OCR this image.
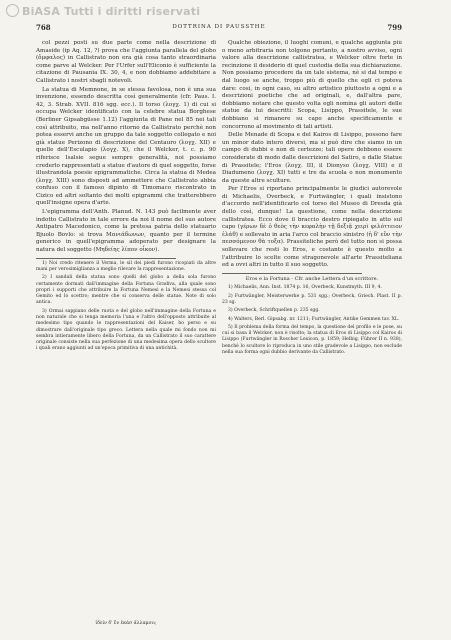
BiASA Tutti i diritti riservati
768	DOTTRINA DI PAUSSTHE	799

col pezzi posti su due parte come nella descrizione di Amaside (ip Aq. 12, ?) prova che l'aggiunta parallela del globo (ὄμφαλος) in Callistrato non era già cosa tanto straordinaria come parve al Welcker. Per l'Urfer sull'Eliconio è sufficiente la citazione di Pausania IX. 30, 4, e non dobbiamo addebitare a Callistrato i nostri sbagli notevoli.

La statua di Memnone, in se stessa favolosa, non è una sua invenzione, essendo descritta così generalmente (cfr. Paus. I. 42, 3. Strab. XVII. 816 sgg. ecc.). Il torso (λογχ. 1) di cui si occupa Welcker identificato con la celebre statua Borghese (Berliner Gipsabgüsse 1.12) l'aggiunta di Pane nel 85 nei tali così attribuito, ma nell'anno ritorno da Callistrato perchè non potea esservi anche un gruppo da tale soggetto collegato e noi già statue Perizono di descrizione del Centauro (λογχ. XII) e quelle dell'Esculapio (λογχ. X), che il Welcker, t. c. p. 90 riferisce Isalsie segue sempre generalità, noi possiamo crederlo rappresentati a statue d'autore di quel soggetto, forse illustrandola poesie epigrammatiche. Circa la statua di Medea (λογχ. XIII) sono disposti ad ammettere che Callistrato abbia confuso con il famoso dipinto di Timomaco riscontrato in Cizico ed altri soltanto dei molti epigrammi che tratterebbero quell'insigne opera d'arte.

L'epigramma dell'Anth. Planud. N. 143 può facilmente aver indotto Callistrato in tale errore da noi il nome del suo autore Antipatro Macedonico, come la pretesa patria dello statuario Bjuolo Bovlo: si trova Mανιάδωνων, quanto per il termine generico in quell'epigramma adoperato per designare la natura del soggetto (Μηδείης λίπον οἶκον).

1) Noi credo ritenere il Verma, le sil dei piedi furono ricopiati da altre mani per verosimiglianza a meglio rilevare la rappresentazione.

2) I sandali della statua sono quelli del globo a della sola furono certamente dormati dall'immagine della Fortuna Gradiva, alla quale sono propri i supporti che attribuire la Fortuna Nemesi e la Nemesi stessa col Gemito ed lo scettro; mentre che si conserva delle statue. Note di solo antica.

3) Ormai sappiano delle ruota e del globo nell'immagine della Fortuna e non naturale che si tenga memoria l'una e l'altro dell'opposto attribuite al medesimo tipo quando le rappresentazioni del Kaiser, ho perso e su dimostrare dall'originale tipo greco. Lettera nella quale mi fondo non mi sembra intieramente libero della Fortuna, da un Callistrato il suo carattere originale consiste nella sua perfezione di una medesima opera dello scultore i quali erano aggiunti ad un'epoca primitiva di una antichità.

ἰδείν δ' ἔν ἑκάσ ἀλλαμοιι;

Qualche obiezione, il luoghi comuni, e qualche aggiunta più o meno arbitraria non tolgono pertanto, a nostro avviso, ogni valore alla descrizione callistratea, e Welcker oltre forte in recinzione il desiderio di quel custodia della sua dichiarazione. Non possiamo procedere da un tale sistema, nè si dal tempo e dal luogo se anche, troppo più di quello che egli ci poteva dare: cosi, in ogni caso, su altro artistico piuttosto a ogni e a descrizioni poetiche che ad originali, e, dall'altra pare, dobbiamo notare che questo volta egli nomina gli autori delle statue da lui descritti: Scopa, Lisippo, Prassitele, le sue dobbiano si rimanere su capo anche specificamente e concorrono al movimento di tali artisti.

Delle Menade di Scopa e del Kairos di Lisippo, possono fare un minor dato intero diversi, ma si può dire che siamo in un campo di dubbi e non di certezze; tali opere debbono essere considerate di modo dalle descrizioni del Satiro, e dalle Statue di Prassitele; l'Eros (λογχ. III, il Dionyso (λογχ. VIII) e il Diadumeno (λογχ. XI) tutti e tre da scuola o non monumento da queste altre sculture.

Per l'Eros si riportano principalmente le giudici autorevole di Michaelis, Overbeck, e Furtwängler, i quali insistono d'accordo nell'identificarlo col torso del Museo di Dresda già dello così, dunque! La questione, come nella descrizione callistratea. Ecco dove il braccio destro ripiegato in atto sul capo (γέρων δὲ ὁ θεὸς τὴν κεφαλὴν τῇ δεξιᾷ χειρὶ φιλόττειον ἐλάθ) e sollevato in aria l'arco col braccio sinistro (ἡ δ' εὔν τὴν πεσσόμενον θὰ τοξα). Prassiteliche però del tutto non si possa sollevare che resti lo Eros, e costante è questo molto a l'attribuire lo scelte come stragonevole all'arte Prassiteliana ed a ovvi altri in tutto il suo soggetto.

Eros e la Fortuna - Cfr. anche Lettera d'un scrittore.

1) Michaelis, Ann. Inst. 1874 p. 16, Overbeck, Kunstmyth. III 9, 4.

2) Furtwängler, Meisterwerke p. 531 sgg.; Overbeck, Griech. Plast. II p. 23 sg.

3) Overbeck, Schriftquellen p. 235 sgg.

4) Walters, Berl. Gipsabg. nr. 1211; Furtwängler, Antike Gemmen tav. XL.

5) Il problema della forma del tempo, la questione del profilo e le pose, su cui si basa il Welcker, non è risolto; la statua di Eros di Lisippo col Kairos di Lisippo (Furtwängler in Roscher Lexicon, p. 1859; Helbig, Führer II n. 938), benchè lo scultore lo riproduca in uno stile gradevole a Lisippo, non esclude nella sua forma ogni dubbio derivante da Callistrato.
